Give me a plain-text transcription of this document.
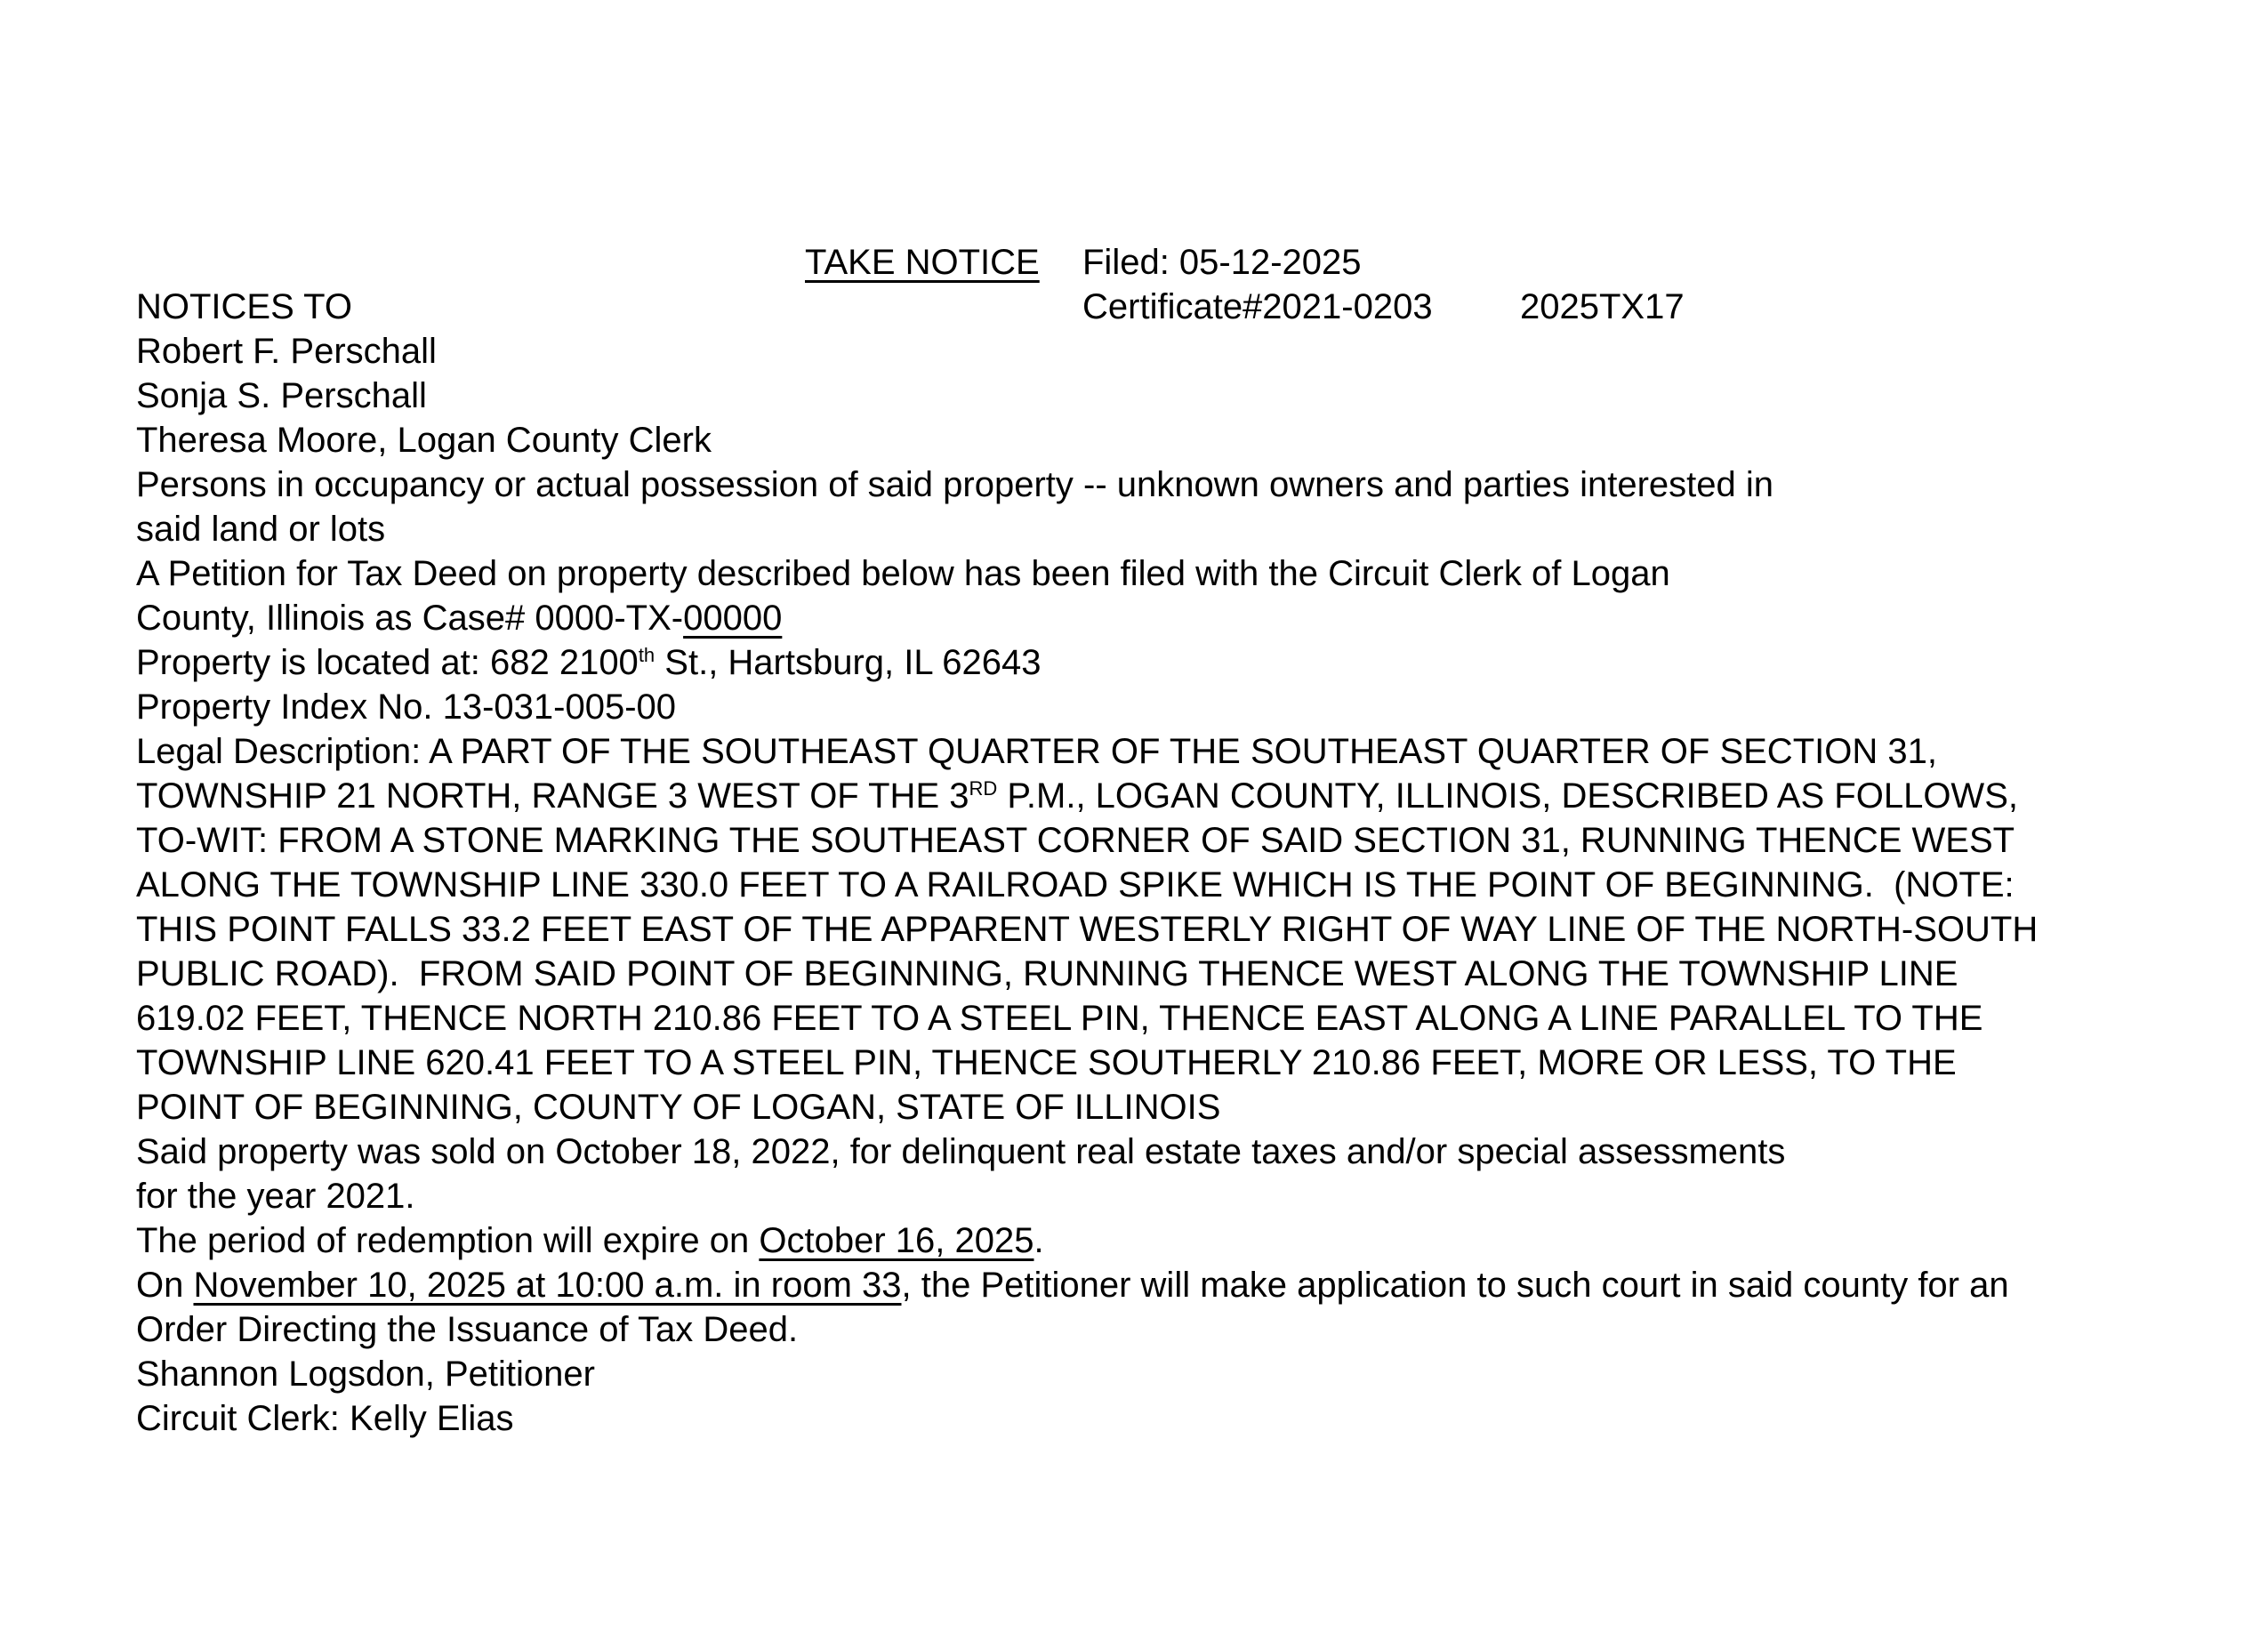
TAKE NOTICE

Filed: 05-12-2025

NOTICES TO

	Certificate#2021-0203

2025TX17

Robert F. Perschall
Sonja S. Perschall
Theresa Moore, Logan County Clerk
Persons in occupancy or actual possession of said property -- unknown owners and parties interested in
said land or lots
A Petition for Tax Deed on property described below has been filed with the Circuit Clerk of Logan
County, Illinois as Case# 0000-TX-00000
Property is located at: 682 2100th St., Hartsburg, IL 62643
Property Index No. 13-031-005-00
Legal Description: A PART OF THE SOUTHEAST QUARTER OF THE SOUTHEAST QUARTER OF SECTION 31,
TOWNSHIP 21 NORTH, RANGE 3 WEST OF THE 3RD P.M., LOGAN COUNTY, ILLINOIS, DESCRIBED AS FOLLOWS,
TO-WIT: FROM A STONE MARKING THE SOUTHEAST CORNER OF SAID SECTION 31, RUNNING THENCE WEST
ALONG THE TOWNSHIP LINE 330.0 FEET TO A RAILROAD SPIKE WHICH IS THE POINT OF BEGINNING.  (NOTE:
THIS POINT FALLS 33.2 FEET EAST OF THE APPARENT WESTERLY RIGHT OF WAY LINE OF THE NORTH-SOUTH
PUBLIC ROAD).  FROM SAID POINT OF BEGINNING, RUNNING THENCE WEST ALONG THE TOWNSHIP LINE
619.02 FEET, THENCE NORTH 210.86 FEET TO A STEEL PIN, THENCE EAST ALONG A LINE PARALLEL TO THE
TOWNSHIP LINE 620.41 FEET TO A STEEL PIN, THENCE SOUTHERLY 210.86 FEET, MORE OR LESS, TO THE
POINT OF BEGINNING, COUNTY OF LOGAN, STATE OF ILLINOIS
Said property was sold on October 18, 2022, for delinquent real estate taxes and/or special assessments
for the year 2021.
The period of redemption will expire on October 16, 2025.
On November 10, 2025 at 10:00 a.m. in room 33, the Petitioner will make application to such court in said county for an
Order Directing the Issuance of Tax Deed.
Shannon Logsdon, Petitioner
Circuit Clerk: Kelly Elias
